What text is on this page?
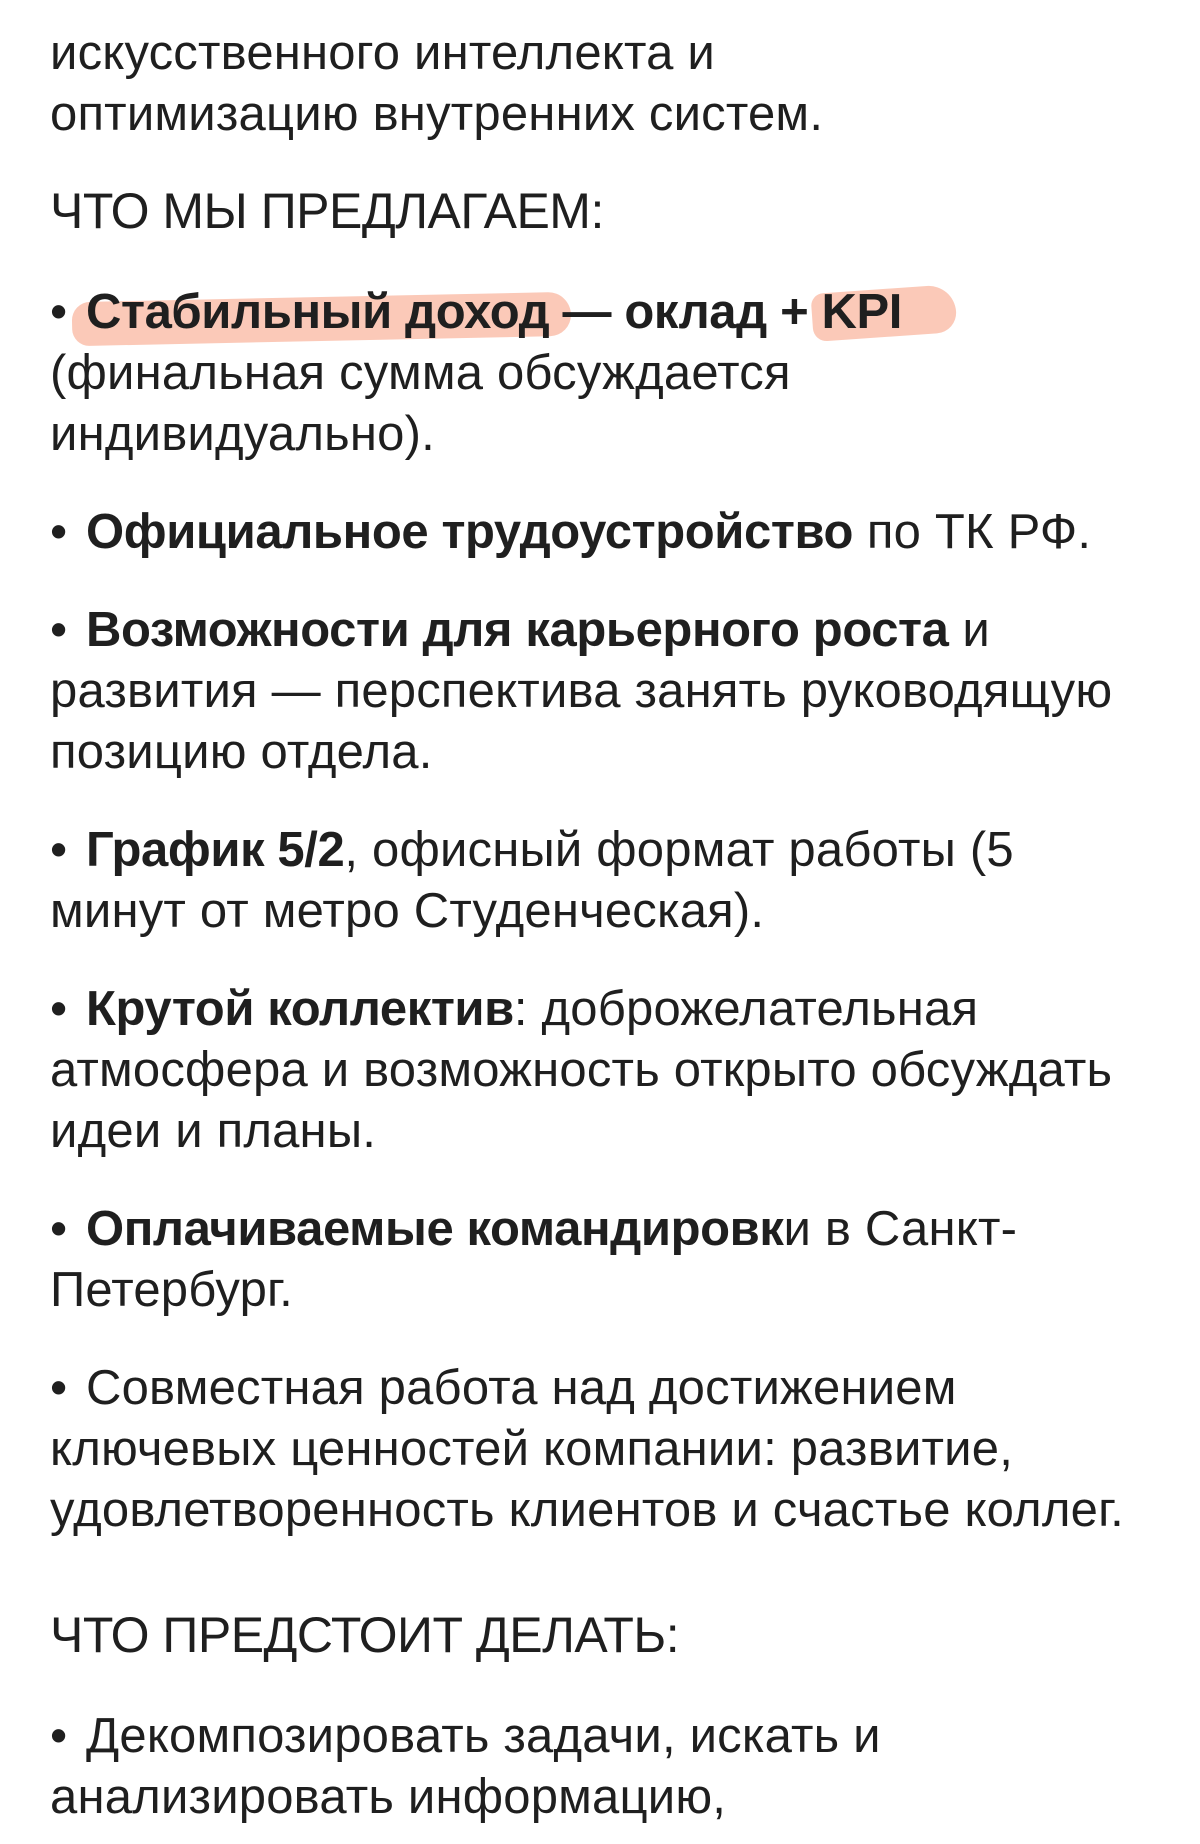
искусственного интеллекта и
оптимизацию внутренних систем.

ЧТО МЫ ПРЕДЛАГАЕМ:

• Стабильный доход — оклад + KPI (финальная сумма обсуждается индивидуально).

• Официальное трудоустройство по ТК РФ.

• Возможности для карьерного роста и развития — перспектива занять руководящую позицию отдела.

• График 5/2, офисный формат работы (5 минут от метро Студенческая).

• Крутой коллектив: доброжелательная атмосфера и возможность открыто обсуждать идеи и планы.

• Оплачиваемые командировки в Санкт-Петербург.

• Совместная работа над достижением ключевых ценностей компании: развитие, удовлетворенность клиентов и счастье коллег.

ЧТО ПРЕДСТОИТ ДЕЛАТЬ:

• Декомпозировать задачи, искать и анализировать информацию,
